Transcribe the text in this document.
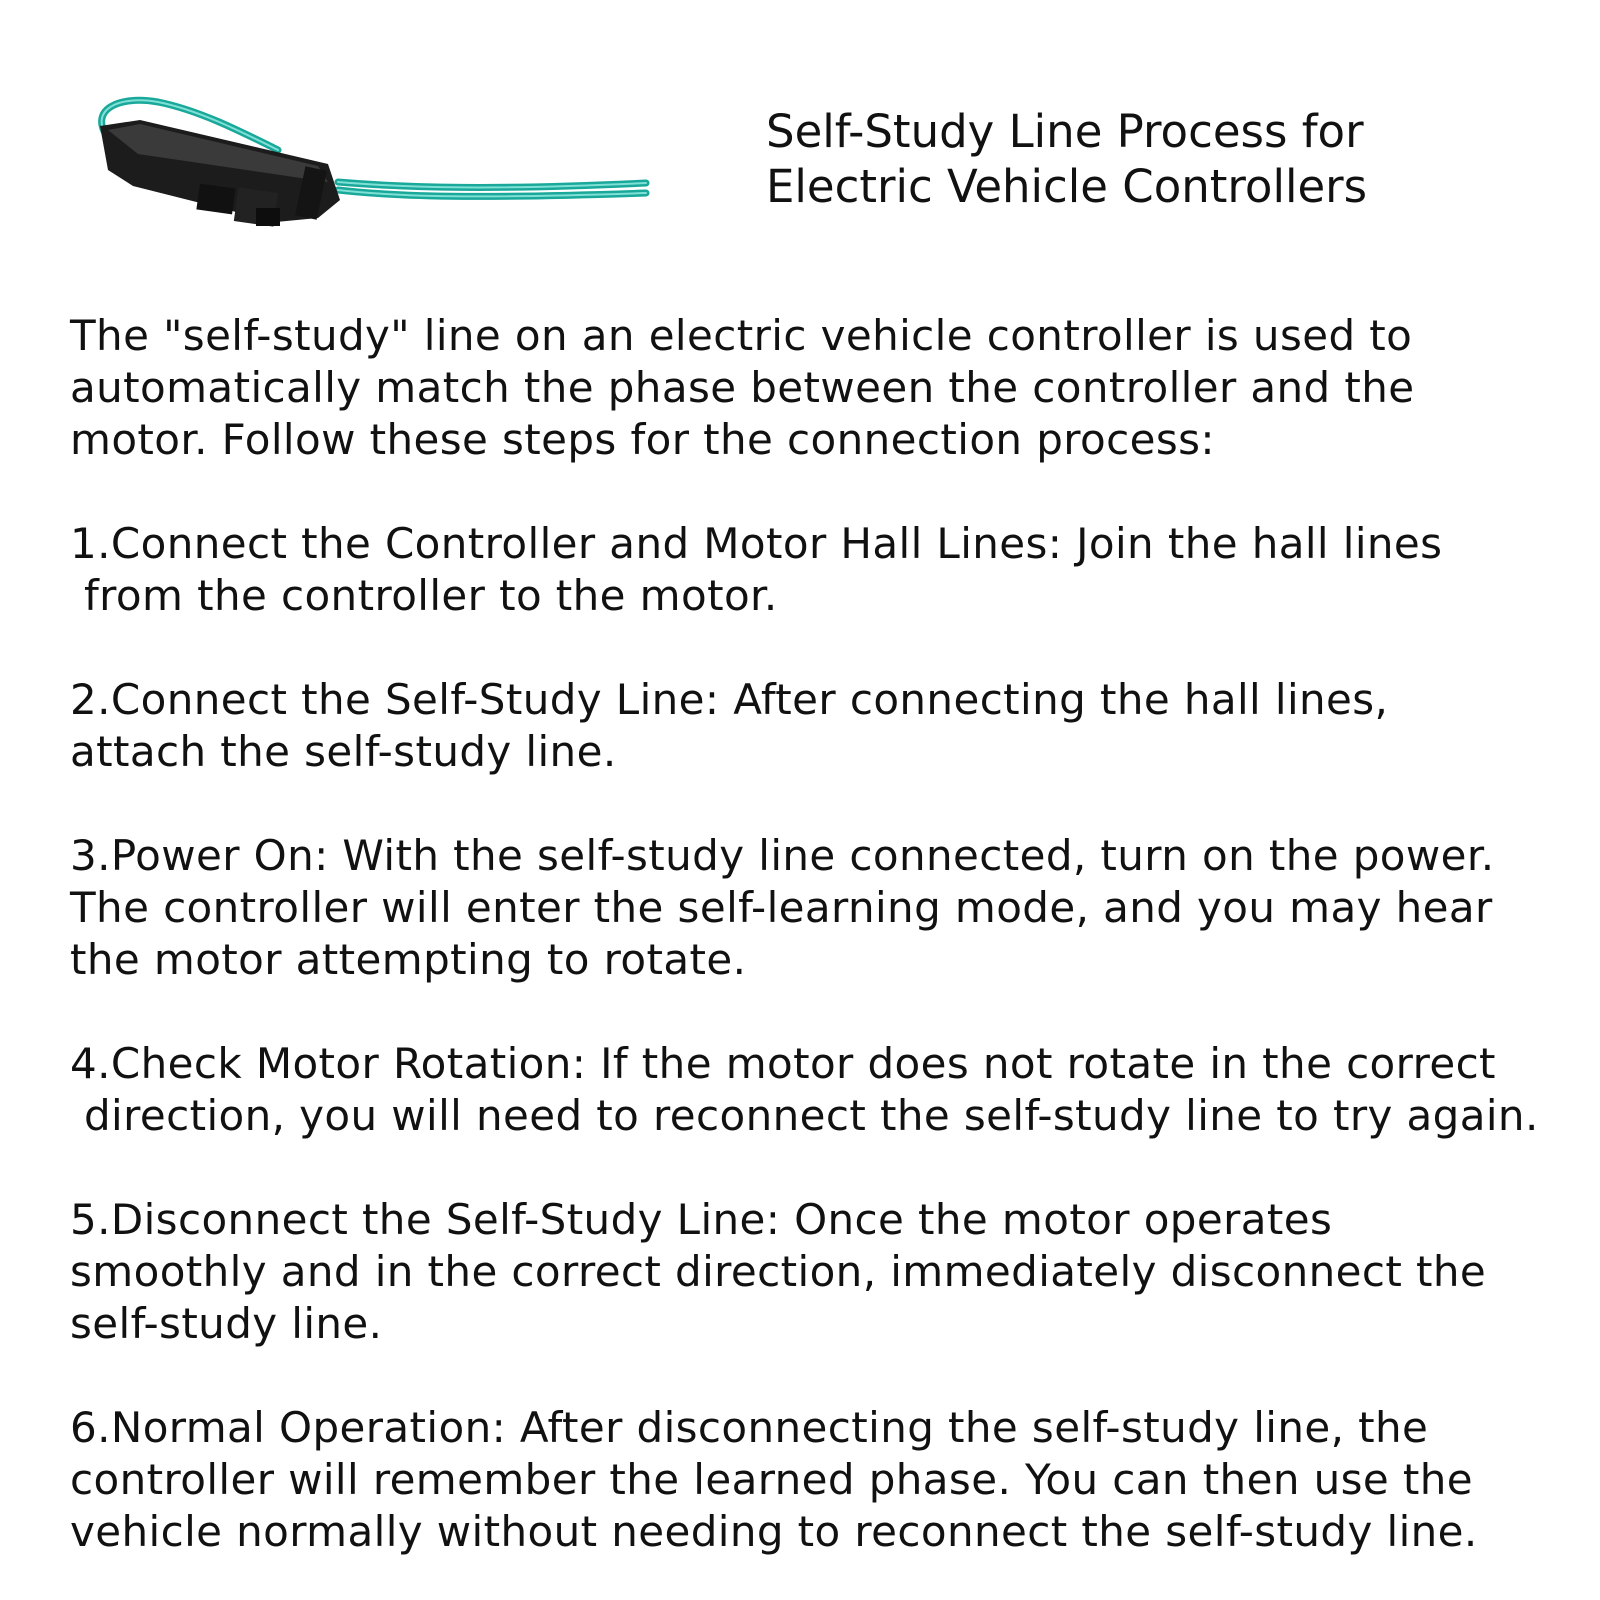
Self-Study Line Process for
Electric Vehicle Controllers

The "self-study" line on an electric vehicle controller is used to
automatically match the phase between the controller and the
motor. Follow these steps for the connection process:

1.Connect the Controller and Motor Hall Lines: Join the hall lines
from the controller to the motor.

2.Connect the Self-Study Line: After connecting the hall lines,
attach the self-study line.

3.Power On: With the self-study line connected, turn on the power.
The controller will enter the self-learning mode, and you may hear
the motor attempting to rotate.

4.Check Motor Rotation: If the motor does not rotate in the correct
direction, you will need to reconnect the self-study line to try again.

5.Disconnect the Self-Study Line: Once the motor operates
smoothly and in the correct direction, immediately disconnect the
self-study line.

6.Normal Operation: After disconnecting the self-study line, the
controller will remember the learned phase. You can then use the
vehicle normally without needing to reconnect the self-study line.
